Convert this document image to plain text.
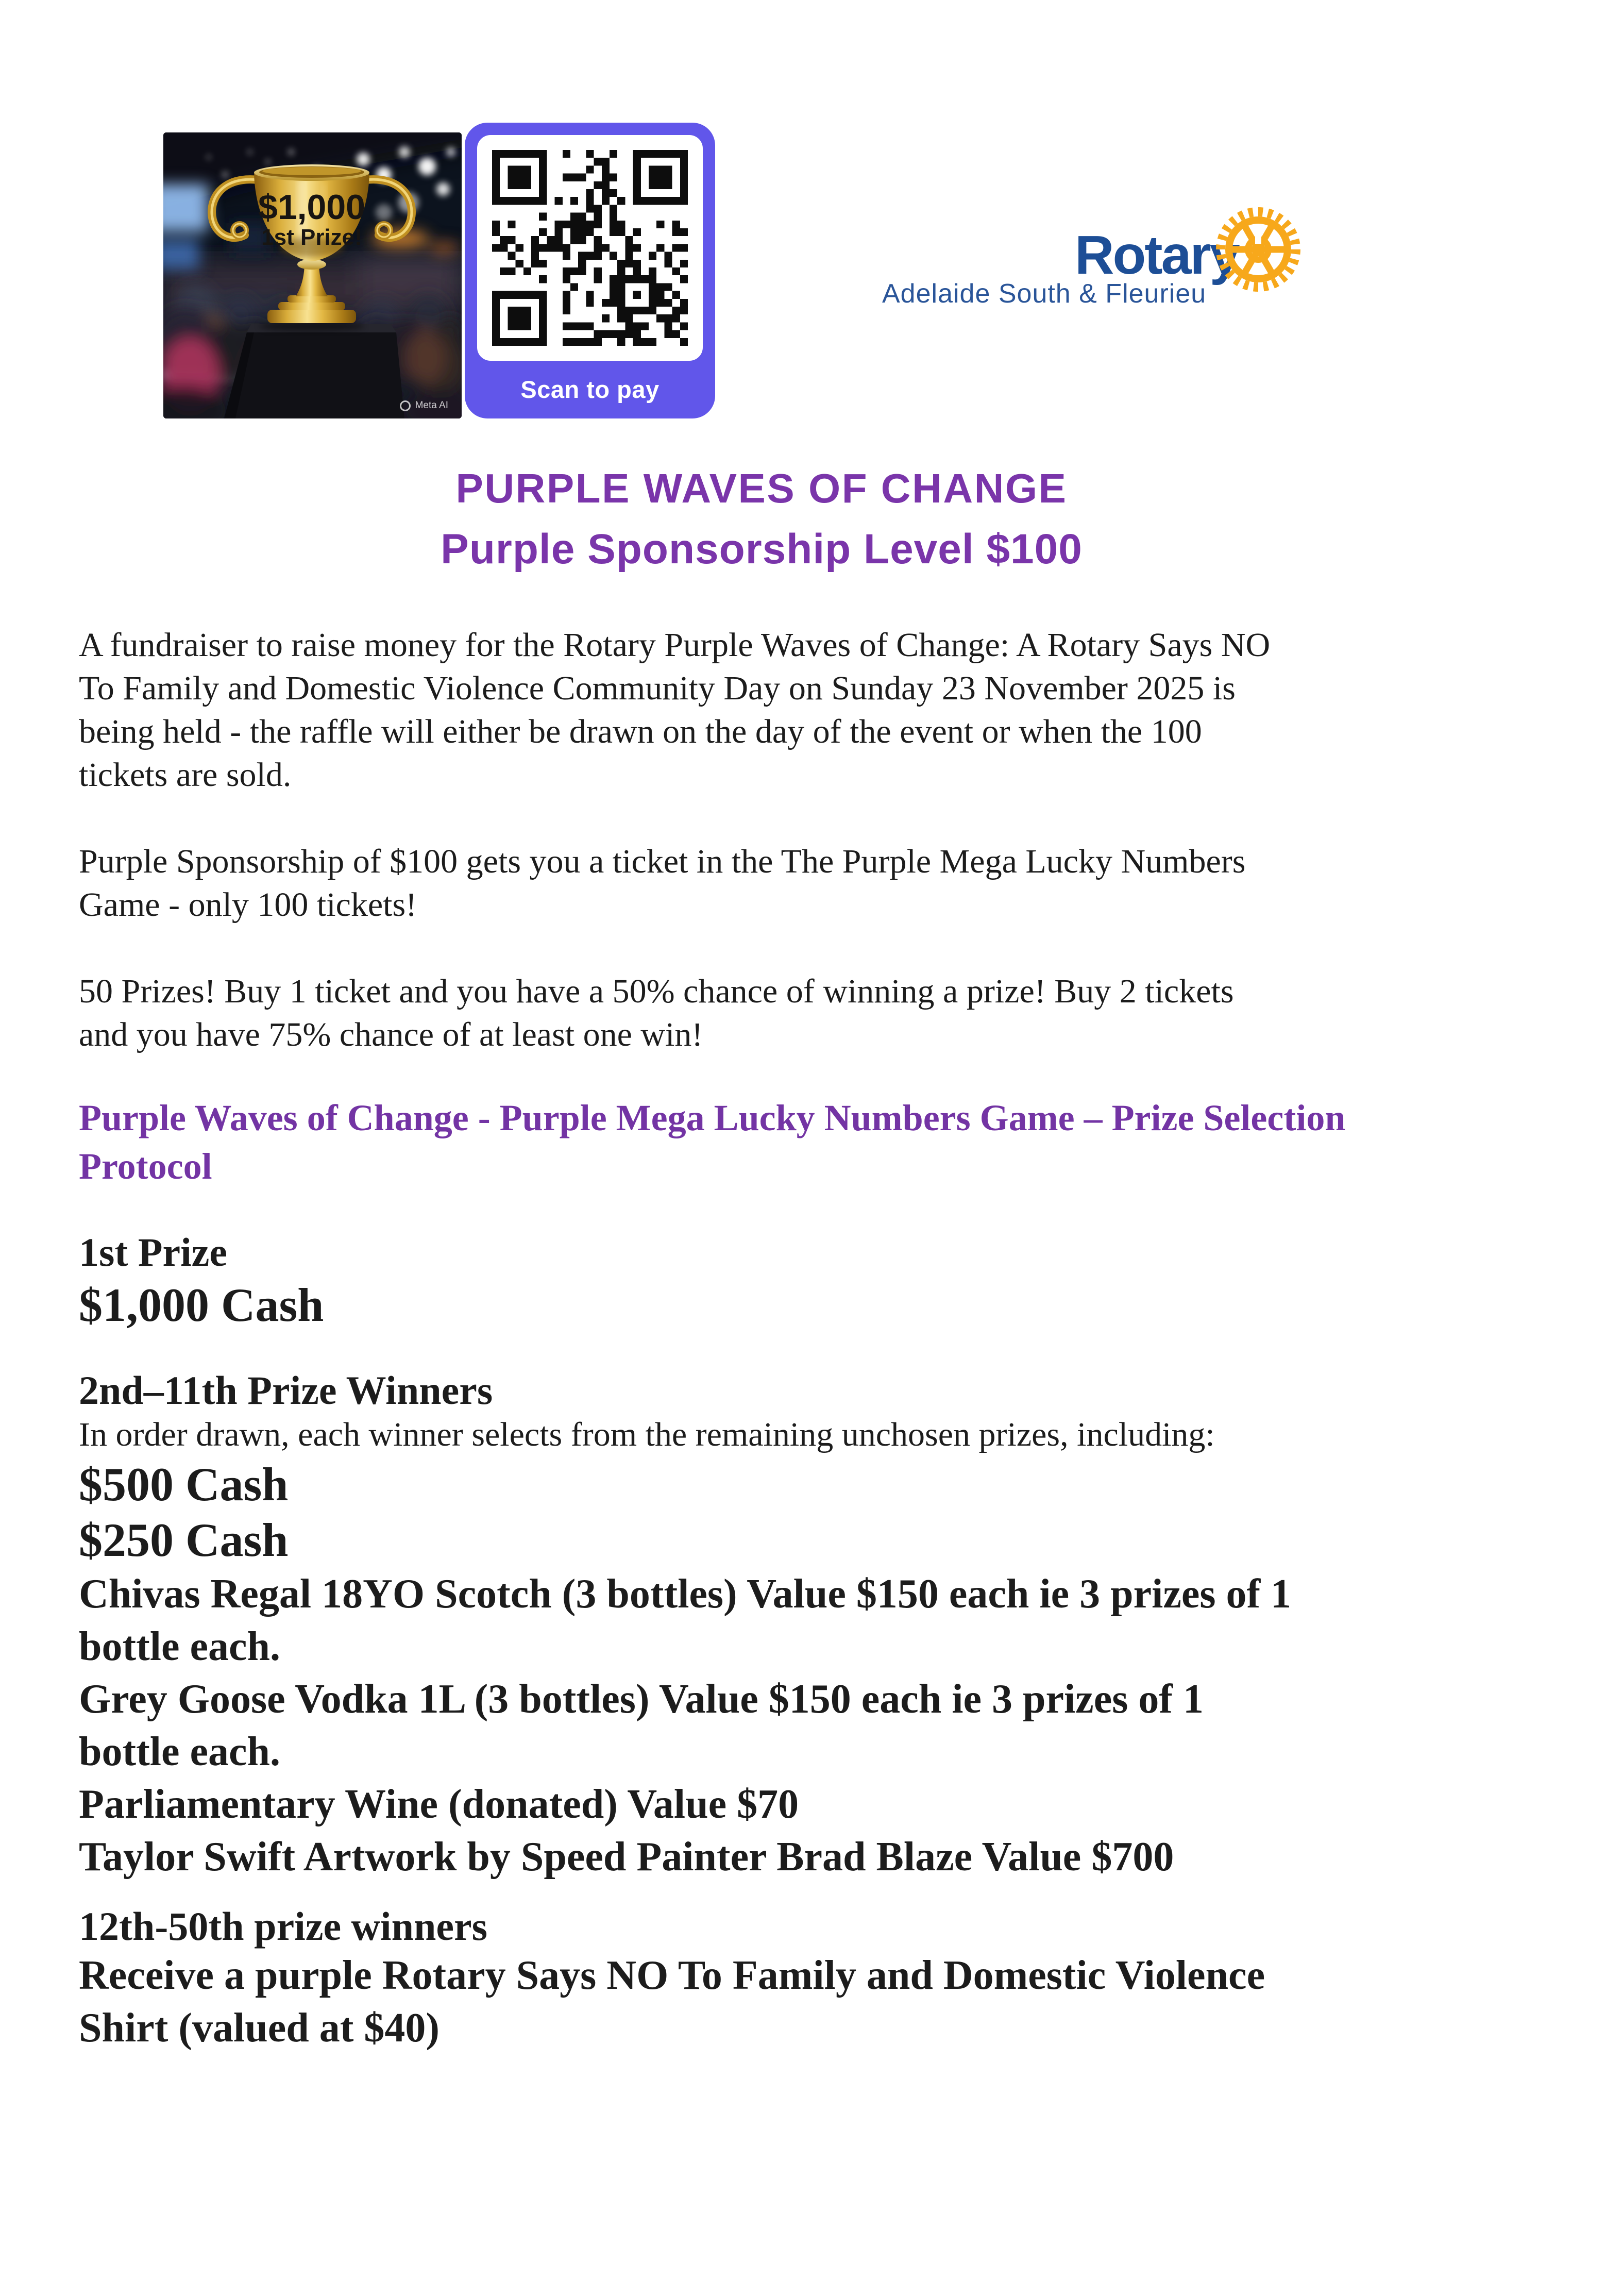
$1,000
1st Prize!
Meta AI
Scan to pay
Rotary
Adelaide South & Fleurieu
PURPLE WAVES OF CHANGE
Purple Sponsorship Level $100
A fundraiser to raise money for the Rotary Purple Waves of Change: A Rotary Says NO
To Family and Domestic Violence Community Day on Sunday 23 November 2025 is
being held - the raffle will either be drawn on the day of the event or when the 100
tickets are sold.
Purple Sponsorship of $100 gets you a ticket in the The Purple Mega Lucky Numbers
Game - only 100 tickets!
50 Prizes! Buy 1 ticket and you have a 50% chance of winning a prize! Buy 2 tickets
and you have 75% chance of at least one win!
Purple Waves of Change - Purple Mega Lucky Numbers Game – Prize Selection
Protocol
1st Prize
$1,000 Cash
2nd–11th Prize Winners
In order drawn, each winner selects from the remaining unchosen prizes, including:
$500 Cash
$250 Cash
Chivas Regal 18YO Scotch (3 bottles) Value $150 each ie 3 prizes of 1
bottle each.
Grey Goose Vodka 1L (3 bottles) Value $150 each ie 3 prizes of 1
bottle each.
Parliamentary Wine (donated) Value $70
Taylor Swift Artwork by Speed Painter Brad Blaze Value $700
12th-50th prize winners
Receive a purple Rotary Says NO To Family and Domestic Violence
Shirt (valued at $40)
